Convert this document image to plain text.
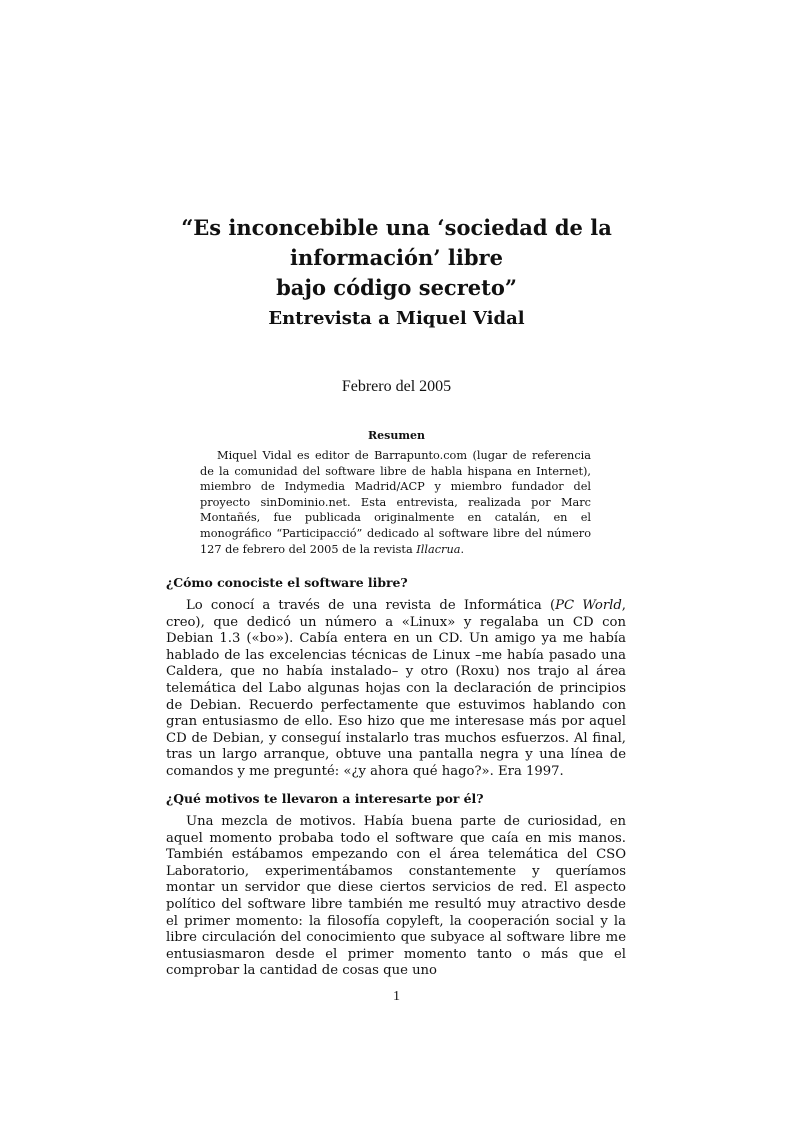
“Es inconcebible una ‘sociedad de la
información’ libre
bajo código secreto”
Entrevista a Miquel Vidal
Febrero del 2005
Resumen

Miquel Vidal es editor de Barrapunto.com (lugar de referencia de la comunidad del software libre de habla hispana en Internet), miembro de Indymedia Madrid/ACP y miembro fundador del proyecto sinDominio.net. Esta entrevista, realizada por Marc Montañés, fue publicada originalmente en catalán, en el monográfico “Participacció” dedicado al software libre del número 127 de febrero del 2005 de la revista Illacrua.

¿Cómo conociste el software libre?

Lo conocí a través de una revista de Informática (PC World, creo), que dedicó un número a «Linux» y regalaba un CD con Debian 1.3 («bo»). Cabía entera en un CD. Un amigo ya me había hablado de las excelencias técnicas de Linux –me había pasado una Caldera, que no había instalado– y otro (Roxu) nos trajo al área telemática del Labo algunas hojas con la declaración de principios de Debian. Recuerdo perfectamente que estuvimos hablando con gran entusiasmo de ello. Eso hizo que me interesase más por aquel CD de Debian, y conseguí instalarlo tras muchos esfuerzos. Al final, tras un largo arranque, obtuve una pantalla negra y una línea de comandos y me pregunté: «¿y ahora qué hago?». Era 1997.

¿Qué motivos te llevaron a interesarte por él?

Una mezcla de motivos. Había buena parte de curiosidad, en aquel momento probaba todo el software que caía en mis manos. También estábamos empezando con el área telemática del CSO Laboratorio, experimentábamos constantemente y queríamos montar un servidor que diese ciertos servicios de red. El aspecto político del software libre también me resultó muy atractivo desde el primer momento: la filosofía copyleft, la cooperación social y la libre circulación del conocimiento que subyace al software libre me entusiasmaron desde el primer momento tanto o más que el comprobar la cantidad de cosas que uno

1
